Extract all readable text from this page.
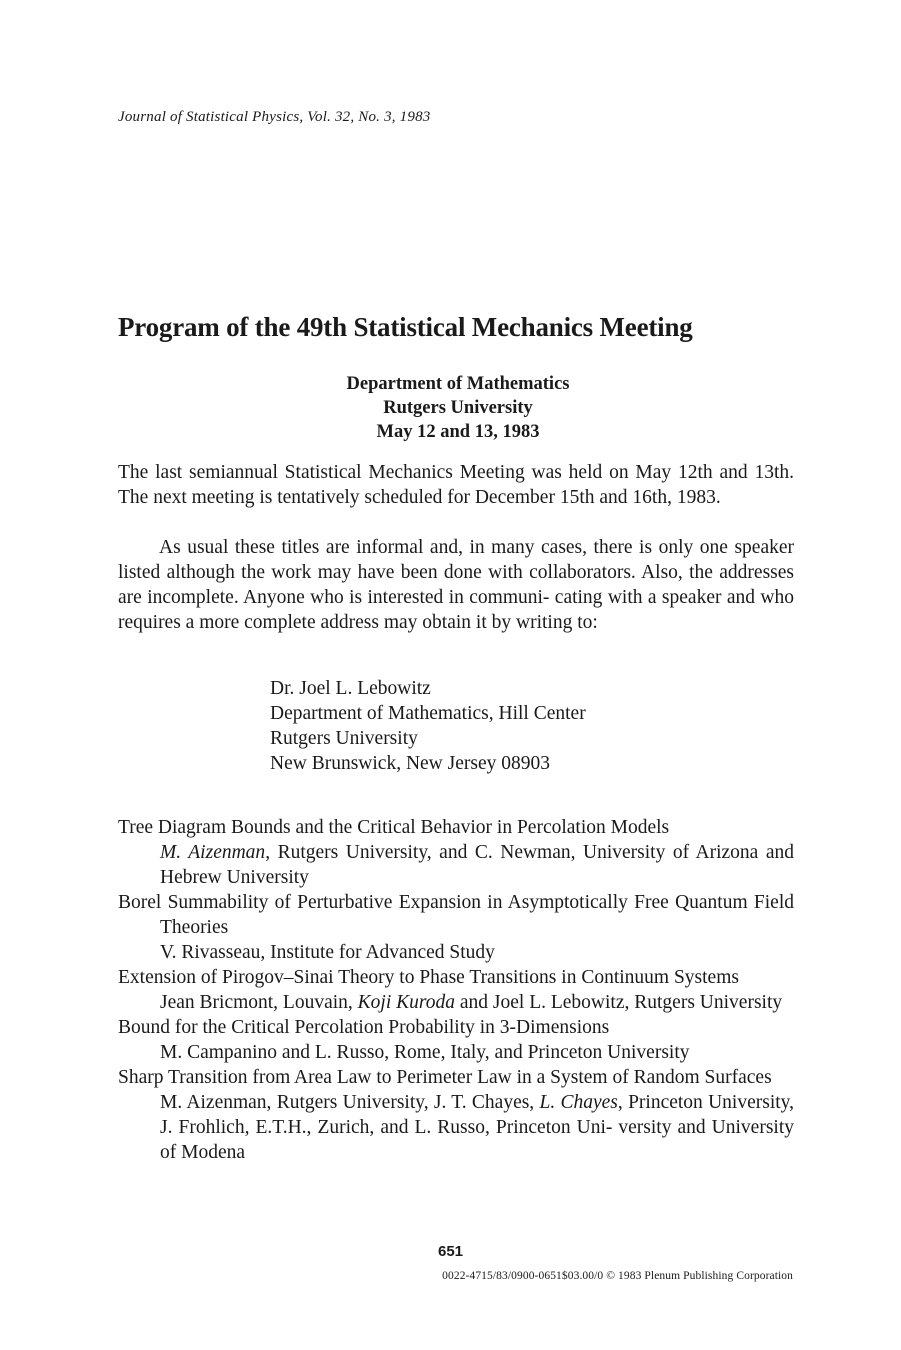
Journal of Statistical Physics, Vol. 32, No. 3, 1983
Program of the 49th Statistical Mechanics Meeting
Department of Mathematics
Rutgers University
May 12 and 13, 1983
The last semiannual Statistical Mechanics Meeting was held on May 12th and 13th. The next meeting is tentatively scheduled for December 15th and 16th, 1983.
As usual these titles are informal and, in many cases, there is only one speaker listed although the work may have been done with collaborators. Also, the addresses are incomplete. Anyone who is interested in communi- cating with a speaker and who requires a more complete address may obtain it by writing to:
Dr. Joel L. Lebowitz
Department of Mathematics, Hill Center
Rutgers University
New Brunswick, New Jersey 08903
Tree Diagram Bounds and the Critical Behavior in Percolation Models
M. Aizenman, Rutgers University, and C. Newman, University of Arizona and Hebrew University
Borel Summability of Perturbative Expansion in Asymptotically Free Quantum Field Theories
V. Rivasseau, Institute for Advanced Study
Extension of Pirogov–Sinai Theory to Phase Transitions in Continuum Systems
Jean Bricmont, Louvain, Koji Kuroda and Joel L. Lebowitz, Rutgers University
Bound for the Critical Percolation Probability in 3-Dimensions
M. Campanino and L. Russo, Rome, Italy, and Princeton University
Sharp Transition from Area Law to Perimeter Law in a System of Random Surfaces
M. Aizenman, Rutgers University, J. T. Chayes, L. Chayes, Princeton University, J. Frohlich, E.T.H., Zurich, and L. Russo, Princeton Uni- versity and University of Modena
651
0022-4715/83/0900-0651$03.00/0 © 1983 Plenum Publishing Corporation
